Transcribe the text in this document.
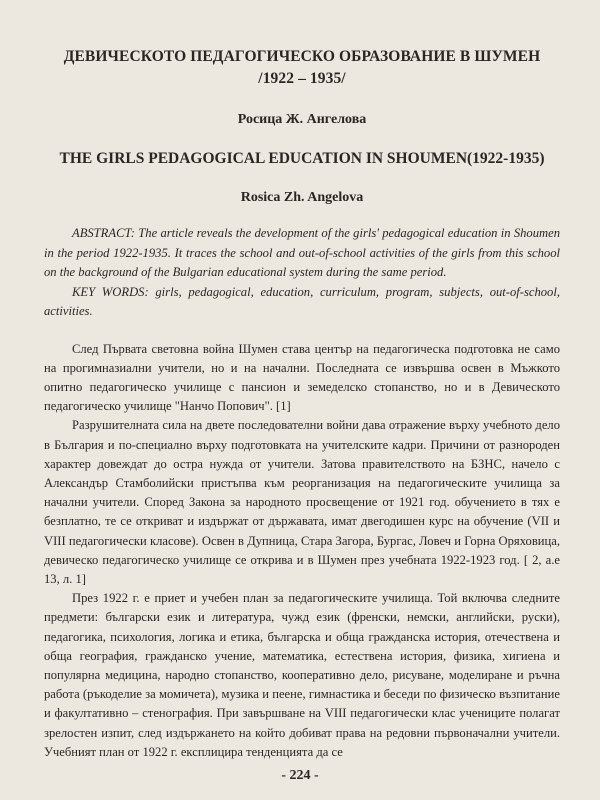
ДЕВИЧЕСКОТО ПЕДАГОГИЧЕСКО ОБРАЗОВАНИЕ В ШУМЕН
/1922 – 1935/
Росица Ж. Ангелова
THE GIRLS PEDAGOGICAL EDUCATION IN SHOUMEN(1922-1935)
Rosica Zh. Angelova

ABSTRACT: The article reveals the development of the girls' pedagogical education in Shoumen in the period 1922-1935. It traces the school and out-of-school activities of the girls from this school on the background of the Bulgarian educational system during the same period.

KEY WORDS: girls, pedagogical, education, curriculum, program, subjects, out-of-school, activities.

След Първата световна война Шумен става център на педагогическа подготовка не само на прогимназиални учители, но и на начални. Последната се извършва освен в Мъжкото опитно педагогическо училище с пансион и земеделско стопанство, но и в Девическото педагогическо училище "Нанчо Попович". [1]

Разрушителната сила на двете последователни войни дава отражение върху учебното дело в България и по-специално върху подготовката на учителските кадри. Причини от разнороден характер довеждат до остра нужда от учители. Затова правителството на БЗНС, начело с Александър Стамболийски пристъпва към реорганизация на педагогическите училища за начални учители. Според Закона за народното просвещение от 1921 год. обучението в тях е безплатно, те се откриват и издържат от държавата, имат двегодишен курс на обучение (VII и VIII педагогически класове). Освен в Дупница, Стара Загора, Бургас, Ловеч и Горна Оряховица, девическо педагогическо училище се открива и в Шумен през учебната 1922-1923 год. [ 2, а.е 13, л. 1]

През 1922 г. е приет и учебен план за педагогическите училища. Той включва следните предмети: български език и литература, чужд език (френски, немски, английски, руски), педагогика, психология, логика и етика, българска и обща гражданска история, отечествена и обща география, гражданско учение, математика, естествена история, физика, хигиена и популярна медицина, народно стопанство, кооперативно дело, рисуване, моделиране и ръчна работа (ръкоделие за момичета), музика и пеене, гимнастика и беседи по физическо възпитание и факултативно – стенография. При завършване на VIII педагогически клас учениците полагат зрелостен изпит, след издържането на който добиват права на редовни първоначални учители. Учебният план от 1922 г. експлицира тенденцията да се

- 224 -
